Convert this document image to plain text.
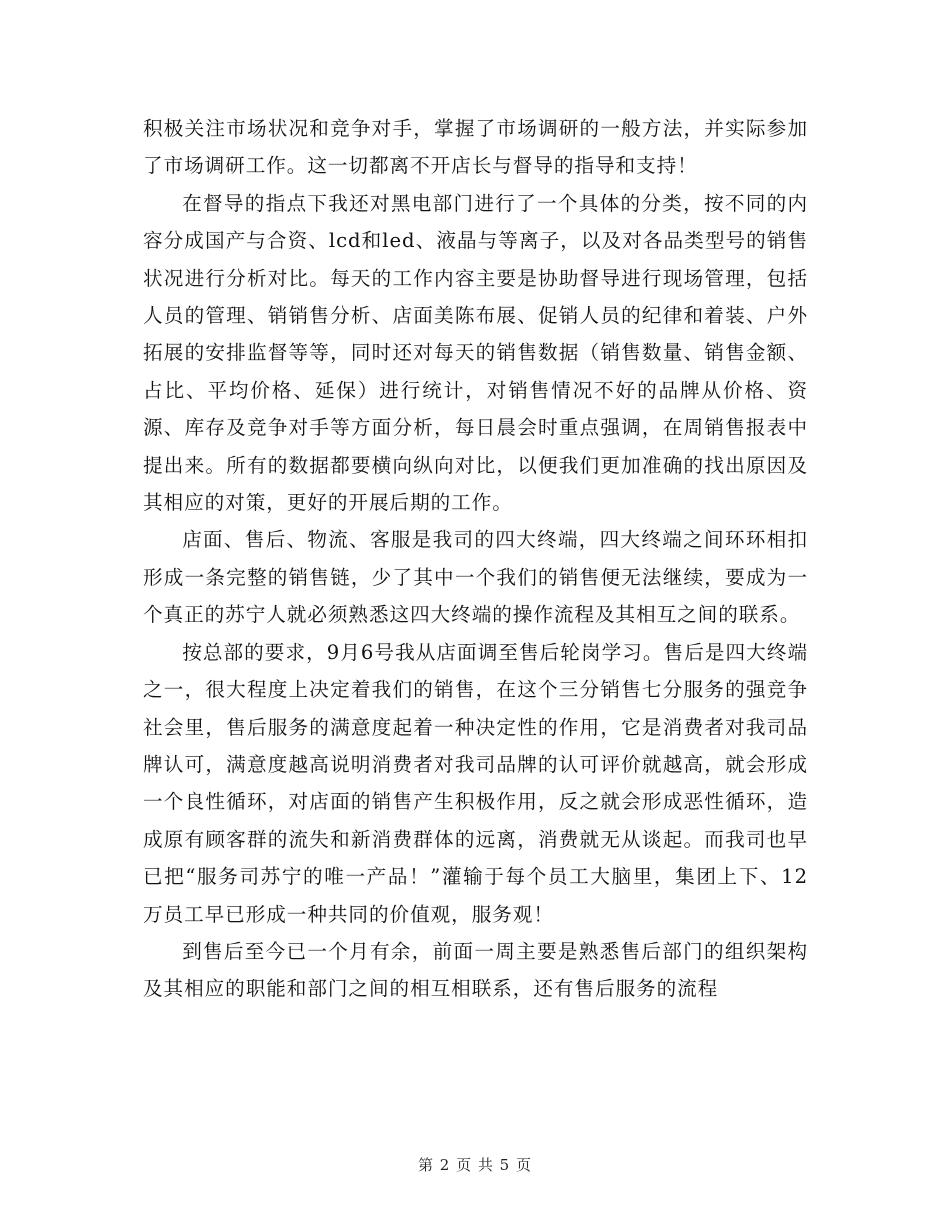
积极关注市场状况和竞争对手，掌握了市场调研的一般方法，并实际参加了市场调研工作。这一切都离不开店长与督导的指导和支持！

在督导的指点下我还对黑电部门进行了一个具体的分类，按不同的内容分成国产与合资、lcd和led、液晶与等离子，以及对各品类型号的销售状况进行分析对比。每天的工作内容主要是协助督导进行现场管理，包括人员的管理、销销售分析、店面美陈布展、促销人员的纪律和着装、户外拓展的安排监督等等，同时还对每天的销售数据（销售数量、销售金额、占比、平均价格、延保）进行统计，对销售情况不好的品牌从价格、资源、库存及竞争对手等方面分析，每日晨会时重点强调，在周销售报表中提出来。所有的数据都要横向纵向对比，以便我们更加准确的找出原因及其相应的对策，更好的开展后期的工作。

店面、售后、物流、客服是我司的四大终端，四大终端之间环环相扣形成一条完整的销售链，少了其中一个我们的销售便无法继续，要成为一个真正的苏宁人就必须熟悉这四大终端的操作流程及其相互之间的联系。

按总部的要求，9月6号我从店面调至售后轮岗学习。售后是四大终端之一，很大程度上决定着我们的销售，在这个三分销售七分服务的强竞争社会里，售后服务的满意度起着一种决定性的作用，它是消费者对我司品牌认可，满意度越高说明消费者对我司品牌的认可评价就越高，就会形成一个良性循环，对店面的销售产生积极作用，反之就会形成恶性循环，造成原有顾客群的流失和新消费群体的远离，消费就无从谈起。而我司也早已把“服务司苏宁的唯一产品！”灌输于每个员工大脑里，集团上下、12万员工早已形成一种共同的价值观，服务观！

到售后至今已一个月有余，前面一周主要是熟悉售后部门的组织架构及其相应的职能和部门之间的相互相联系，还有售后服务的流程

第 2 页 共 5 页
